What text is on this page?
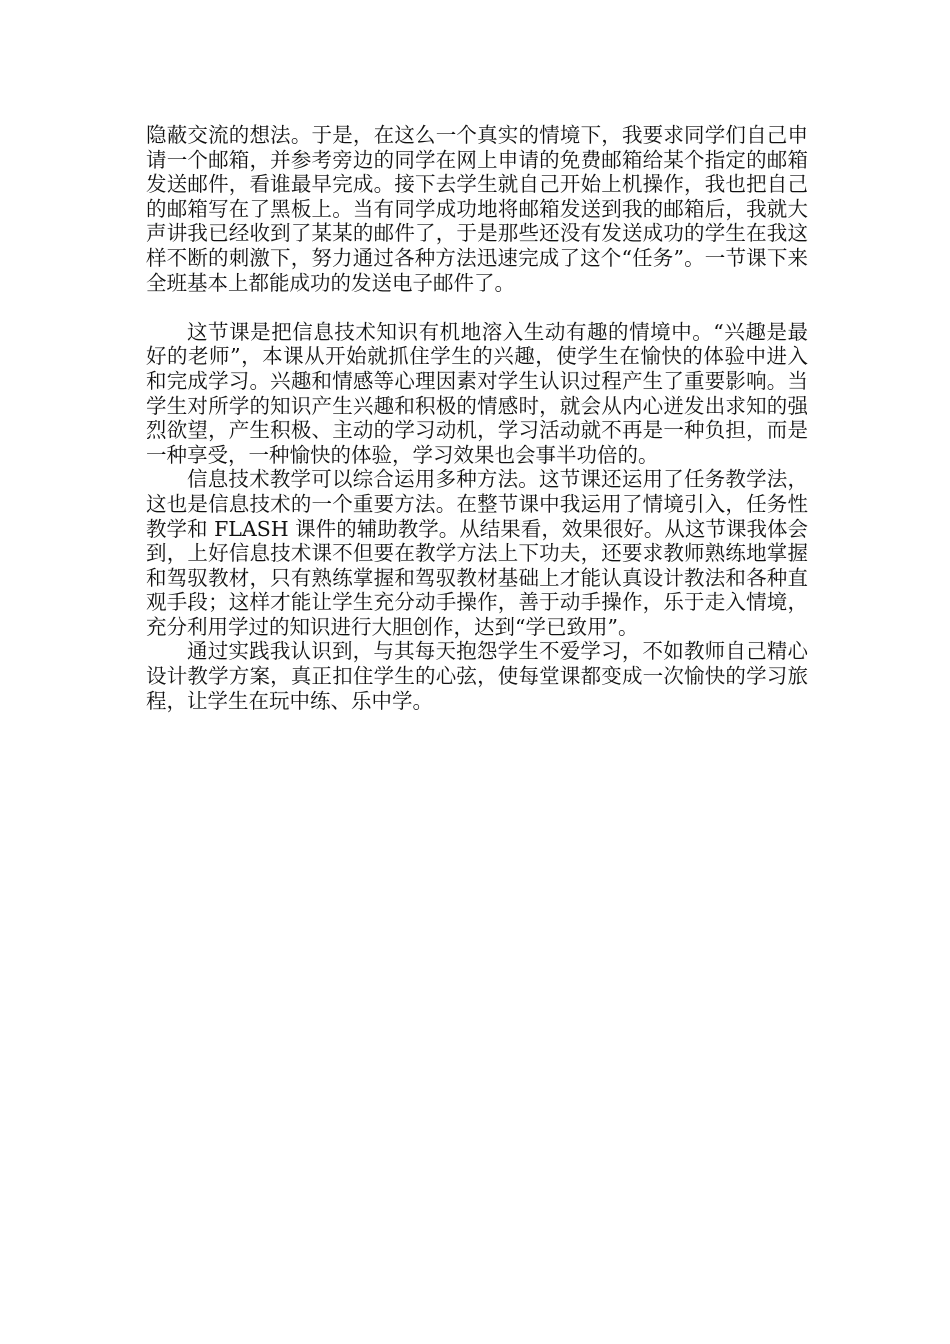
隐蔽交流的想法。于是，在这么一个真实的情境下，我要求同学们自己申请一个邮箱，并参考旁边的同学在网上申请的免费邮箱给某个指定的邮箱发送邮件，看谁最早完成。接下去学生就自己开始上机操作，我也把自己的邮箱写在了黑板上。当有同学成功地将邮箱发送到我的邮箱后，我就大声讲我已经收到了某某的邮件了，于是那些还没有发送成功的学生在我这样不断的刺激下，努力通过各种方法迅速完成了这个“任务”。一节课下来全班基本上都能成功的发送电子邮件了。

这节课是把信息技术知识有机地溶入生动有趣的情境中。“兴趣是最好的老师”，本课从开始就抓住学生的兴趣，使学生在愉快的体验中进入和完成学习。兴趣和情感等心理因素对学生认识过程产生了重要影响。当学生对所学的知识产生兴趣和积极的情感时，就会从内心迸发出求知的强烈欲望，产生积极、主动的学习动机，学习活动就不再是一种负担，而是一种享受，一种愉快的体验，学习效果也会事半功倍的。

信息技术教学可以综合运用多种方法。这节课还运用了任务教学法，这也是信息技术的一个重要方法。在整节课中我运用了情境引入，任务性教学和 FLASH 课件的辅助教学。从结果看，效果很好。从这节课我体会到，上好信息技术课不但要在教学方法上下功夫，还要求教师熟练地掌握和驾驭教材，只有熟练掌握和驾驭教材基础上才能认真设计教法和各种直观手段；这样才能让学生充分动手操作，善于动手操作，乐于走入情境，充分利用学过的知识进行大胆创作，达到“学已致用”。

通过实践我认识到，与其每天抱怨学生不爱学习，不如教师自己精心设计教学方案，真正扣住学生的心弦，使每堂课都变成一次愉快的学习旅程，让学生在玩中练、乐中学。
